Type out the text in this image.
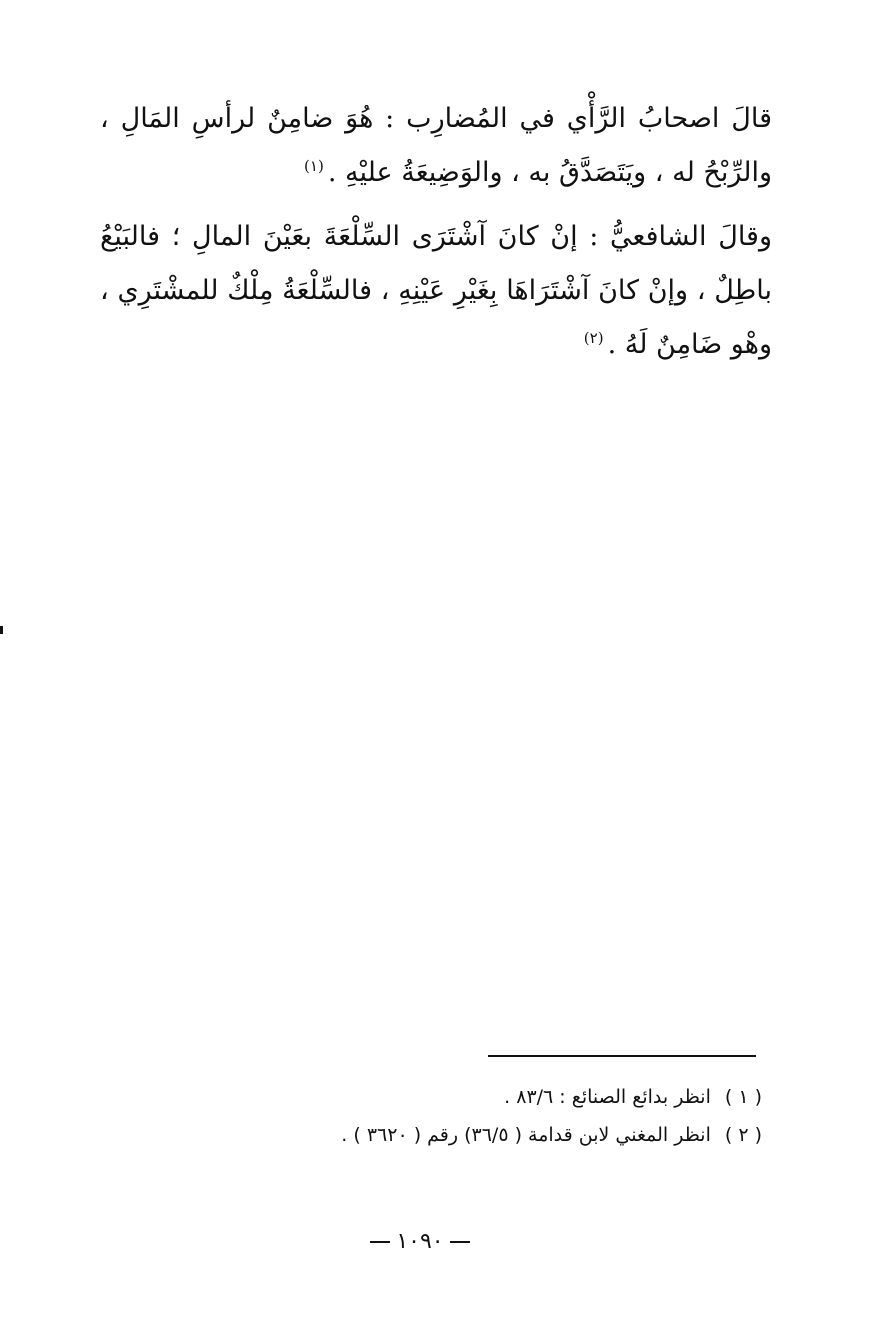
قالَ اصحابُ الرَّأْي في المُضارِب : هُوَ ضامِنٌ لرأسِ المَالِ ، والرِّبْحُ له ، ويَتَصَدَّقُ به ، والوَضِيعَةُ عليْهِ .$^{(١)}$

وقالَ الشافعيُّ : إنْ كانَ آشْتَرَى السِّلْعَةَ بعَيْنَ المالِ ؛ فالبَيْعُ باطِلٌ ، وإنْ كانَ آشْتَرَاهَا بِغَيْرِ عَيْنِهِ ، فالسِّلْعَةُ مِلْكٌ للمشْتَرِي ، وهْو ضَامِنٌ لَهُ .$^{(٢)}$

( ١ )انظر بدائع الصنائع : ٨٣/٦ .
( ٢ )انظر المغني لابن قدامة ( ٣٦/٥) رقم ( ٣٦٢٠ ) .
١٠٩٠
